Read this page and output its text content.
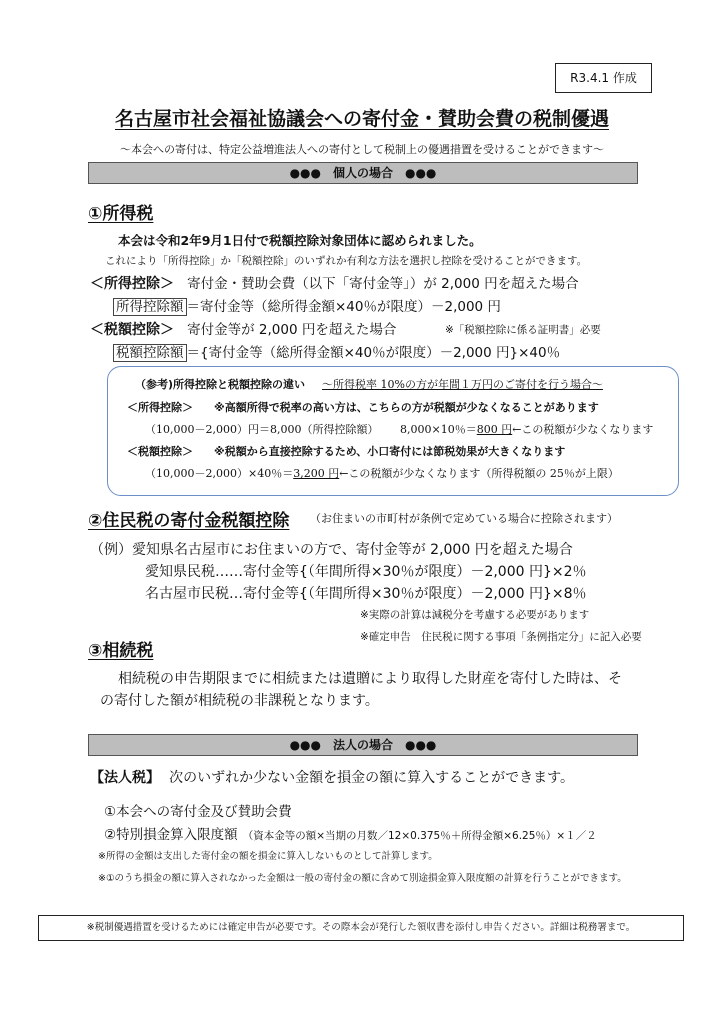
R3.4.1 作成
名古屋市社会福祉協議会への寄付金・賛助会費の税制優遇
～本会への寄付は、特定公益増進法人への寄付として税制上の優遇措置を受けることができます～
●●●　個人の場合　●●●
①所得税
本会は令和2年9月1日付で税額控除対象団体に認められました。
これにより「所得控除」か「税額控除」のいずれか有利な方法を選択し控除を受けることができます。
＜所得控除＞ 寄付金・賛助会費（以下「寄付金等」）が 2,000 円を超えた場合
所得控除額 ＝寄付金等（総所得金額×40％が限度）－2,000 円
＜税額控除＞ 寄付金等が 2,000 円を超えた場合	※「税額控除に係る証明書」必要
税額控除額 ＝{寄付金等（総所得金額×40％が限度）－2,000 円}×40％
（参考)所得控除と税額控除の違い ～所得税率 10%の方が年間１万円のご寄付を行う場合～
＜所得控除＞ ※高額所得で税率の高い方は、こちらの方が税額が少なくなることがあります
（10,000－2,000）円＝8,000（所得控除額） 8,000×10％＝800 円←この税額が少なくなります
＜税額控除＞ ※税額から直接控除するため、小口寄付には節税効果が大きくなります
（10,000－2,000）×40％＝3,200 円←この税額が少なくなります（所得税額の 25％が上限）
②住民税の寄付金税額控除 （お住まいの市町村が条例で定めている場合に控除されます）
（例）愛知県名古屋市にお住まいの方で、寄付金等が 2,000 円を超えた場合
愛知県民税……寄付金等{（年間所得×30％が限度）－2,000 円}×2％
名古屋市民税…寄付金等{（年間所得×30％が限度）－2,000 円}×8％
※実際の計算は減税分を考慮する必要があります
※確定申告　住民税に関する事項「条例指定分」に記入必要
③相続税
相続税の申告期限までに相続または遺贈により取得した財産を寄付した時は、そ
の寄付した額が相続税の非課税となります。
●●●　法人の場合　●●●
【法人税】 次のいずれか少ない金額を損金の額に算入することができます。
①本会への寄付金及び賛助会費
②特別損金算入限度額 （資本金等の額×当期の月数／12×0.375％＋所得金額×6.25％）×１／２
※所得の金額は支出した寄付金の額を損金に算入しないものとして計算します。
※①のうち損金の額に算入されなかった金額は一般の寄付金の額に含めて別途損金算入限度額の計算を行うことができます。
※税制優遇措置を受けるためには確定申告が必要です。その際本会が発行した領収書を添付し申告ください。詳細は税務署まで。
